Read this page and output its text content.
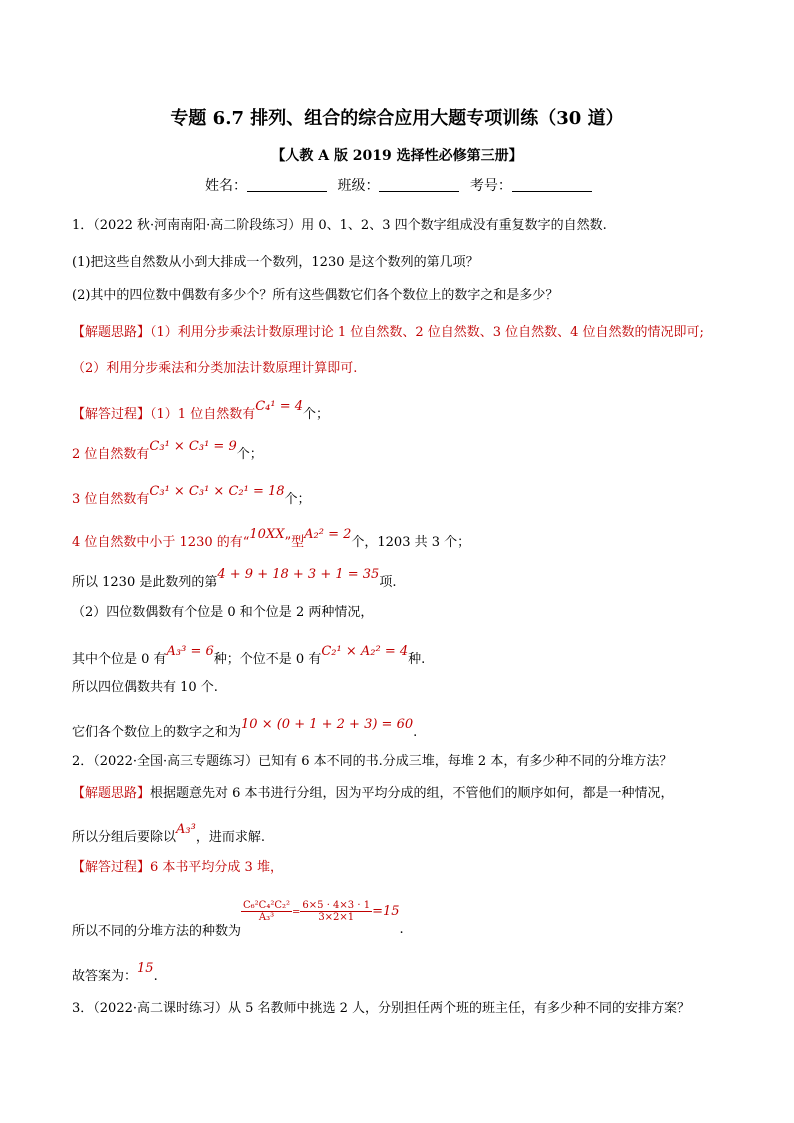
专题 6.7 排列、组合的综合应用大题专项训练（30 道）
【人教 A 版 2019 选择性必修第三册】
姓名：	班级：	考号：
1．（2022 秋·河南南阳·高二阶段练习）用 0、1、2、3 四个数字组成没有重复数字的自然数.
(1)把这些自然数从小到大排成一个数列，1230 是这个数列的第几项？
(2)其中的四位数中偶数有多少个？所有这些偶数它们各个数位上的数字之和是多少？
【解题思路】（1）利用分步乘法计数原理讨论 1 位自然数、2 位自然数、3 位自然数、4 位自然数的情况即可;
（2）利用分步乘法和分类加法计数原理计算即可.
【解答过程】（1）1 位自然数有C₄¹ = 4个；
2 位自然数有C₃¹ × C₃¹ = 9个；
3 位自然数有C₃¹ × C₃¹ × C₂¹ = 18个；
4 位自然数中小于 1230 的有“10XX”型A₂² = 2个，1203 共 3 个；
所以 1230 是此数列的第4 + 9 + 18 + 3 + 1 = 35项.
（2）四位数偶数有个位是 0 和个位是 2 两种情况，
其中个位是 0 有A₃³ = 6种；个位不是 0 有C₂¹ × A₂² = 4种.
所以四位偶数共有 10 个.
它们各个数位上的数字之和为10 × (0 + 1 + 2 + 3) = 60.
2．（2022·全国·高三专题练习）已知有 6 本不同的书.分成三堆，每堆 2 本，有多少种不同的分堆方法？
【解题思路】根据题意先对 6 本书进行分组，因为平均分成的组，不管他们的顺序如何，都是一种情况，
所以分组后要除以A₃³，进而求解.
【解答过程】6 本书平均分成 3 堆，
所以不同的分堆方法的种数为
$\frac{\text{C₆²C₄²C₂²}}{\text{A₃³}} = \frac{6\times 5 \cdot 4\times 3 \cdot 1}{3\times 2\times 1} =15$.
故答案为：15.
3．（2022·高二课时练习）从 5 名教师中挑选 2 人，分别担任两个班的班主任，有多少种不同的安排方案？
